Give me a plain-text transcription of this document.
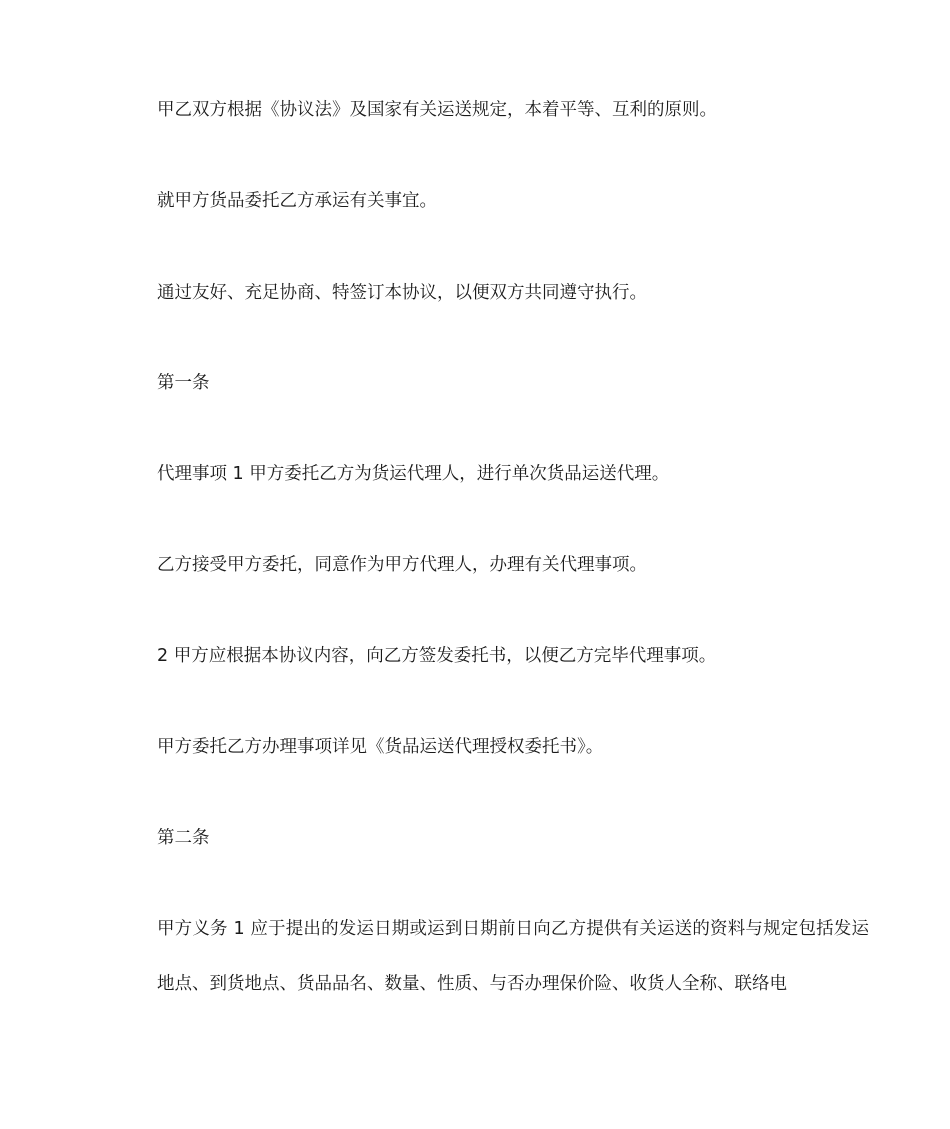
甲乙双方根据《协议法》及国家有关运送规定，本着平等、互利的原则。

就甲方货品委托乙方承运有关事宜。

通过友好、充足协商、特签订本协议，以便双方共同遵守执行。

第一条

代理事项 1 甲方委托乙方为货运代理人，进行单次货品运送代理。

乙方接受甲方委托，同意作为甲方代理人，办理有关代理事项。

2 甲方应根据本协议内容，向乙方签发委托书，以便乙方完毕代理事项。

甲方委托乙方办理事项详见《货品运送代理授权委托书》。

第二条

甲方义务 1 应于提出的发运日期或运到日期前日向乙方提供有关运送的资料与规定包括发运地点、到货地点、货品品名、数量、性质、与否办理保价险、收货人全称、联络电
